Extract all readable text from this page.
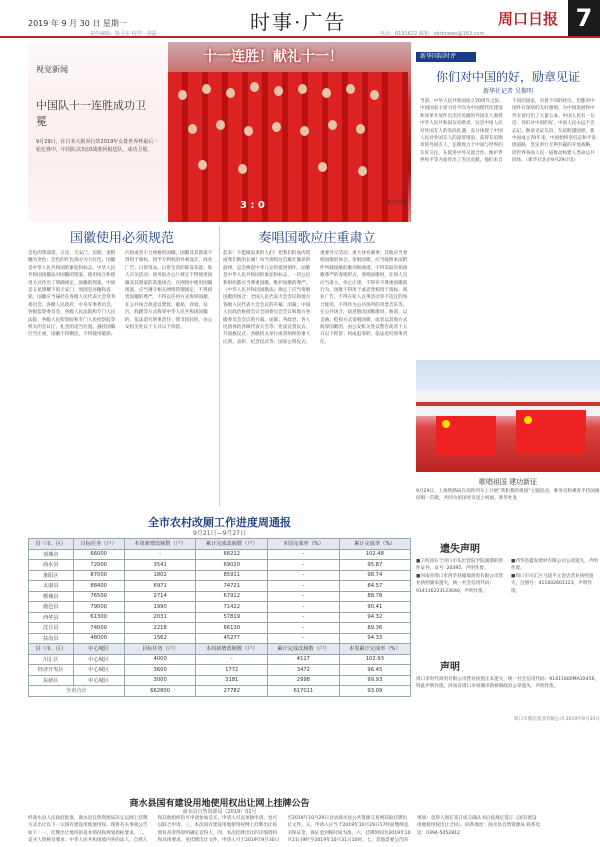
2019 年 9 月 30 日 星期一
责任编辑：陈卫东 校对：刘磊	时事·广告	电话：6191622 邮箱：zkrbnews@163.com
周口日报 7
十一连胜！献礼十一！
视觉新闻
中国队十一连胜成功卫冕
9月29日，在日本大阪举行的2019年女排世界杯最后一轮比赛中，中国队以3比0战胜阿根廷队，成功卫冕。
3 : 0	新华社发
国徽使用必须规范
会色的黄部需，五星、天安门、齿轮、麦稻穗为金色；会色的红色部分为大红色。国徽是中华人民共和国的象征和标志。中华人民共和国国徽法对国徽的图案、使用场合和使用方式作出了明确规定。国徽的图案，中间是五星照耀下的天安门，周围是谷穗和齿轮。国徽应当悬挂在各级人民代表大会常务委员会、各级人民政府、中央军事委员会、各级监察委员会、各级人民法院和专门人民法院、各级人民检察院和专门人民检察院等机关的会议厅、礼堂的适当位置。悬挂国徽应当庄重，国徽不得倒挂，不得使用破损、污损或者不合规格的国徽。国徽及其图案不得用于商标、授予专利权的外观设计、商业广告；日常用品、日常生活的陈设布置；私人庆吊活动；国务院办公厅规定不得使用国徽及其图案的其他场合。在网络中使用国徽图案，应当遵守相关网络管理规定，不得损害国徽的尊严。不得以任何方式侮辱国徽，在公共场合故意以焚烧、破损、涂划、玷污、践踏等方式侮辱中华人民共和国国徽的，依法追究刑事责任；情节较轻的，由公安机关处以十五日以下拘留。
奏唱国歌应庄重肃立
起来！不愿做奴隶的人们！把我们的血肉筑成我们新的长城！每当奏唱这首雄壮激昂的旋律，总会唤起中华儿女的爱国情怀。国歌是中华人民共和国的象征和标志，一切公民和组织都应当尊重国歌，维护国歌的尊严。《中华人民共和国国歌法》规定了应当奏唱国歌的场合：全国人民代表大会会议和地方各级人民代表大会会议的开幕、闭幕；中国人民政治协商会议全国委员会会议和地方各级委员会会议的开幕、闭幕；各政党、各人民团体的各级代表大会等；宪法宣誓仪式；升国旗仪式；各级机关举行或者组织的重大庆典、表彰、纪念仪式等；国家公祭仪式；重要外交活动；重大体育赛事；其他应当奏唱国歌的场合。奏唱国歌，应当按照本法附件所载国歌的歌词和曲谱，不得采取有损国歌尊严的奏唱形式。奏唱国歌时，在场人员应当肃立，举止庄重，不得有不尊重国歌的行为。国歌不得用于或者变相用于商标、商业广告，不得在私人丧事活动等不适宜的场合使用，不得作为公共场所的背景音乐等。在公共场合，故意篡改国歌歌词、曲谱，以歪曲、贬损方式奏唱国歌，或者以其他方式侮辱国歌的，由公安机关处以警告或者十五日以下拘留；构成犯罪的，依法追究刑事责任。
新华国际时评
你们对中国的好，励章见证
新华社记者 吴黎明
当前，中华人民共和国成立70周年之际，中国国家主席习近平向为中国现代化建设和改革开放作出杰出贡献的外国友人颁授中华人民共和国友谊勋章。这是中国人民对外国友人的崇高礼遇，充分体现了中国人民对外国友人的深厚情谊。获得友谊勋章的外国友人，长期致力于中国与世界的友好交往，在促进中外交流合作、维护世界和平等方面作出了杰出贡献。他们来自不同的国家，有着不同的经历，但都对中国怀有深厚的友好感情，为中国发展和中外友谊付出了大量心血。中国人民有一句话：你们对中国的好，中国人民永远不会忘记。勋章见证友谊，友谊跨越国界。新中国成立70年来，中国始终坚持走和平发展道路，坚定奉行互利共赢的开放战略，同世界各国人民一道推动构建人类命运共同体。（新华社北京9月29日电）
歌唱祖国 建功新征
9月29日，上海铁路局在高铁列车上开展“我和我的祖国”主题活动，乘务员和乘客手持国旗同唱一首歌，共同为祖国母亲送上祝福。新华社发
全市农村改厕工作进度周通报
9月21日—9月27日
县（市、区）	目标任务（户）	本周新增改厕数（户）	累计完成改厕数（户）	本周完成率（%）	累计完成率（%）
项城市	66000	-	68212	-	102.48
商水县	72000	3541	69020	-	95.87
淮阳区	87000	1802	85911	-	98.74
太康县	88400	6971	74721	-	84.57
郸城县	76500	2714	67912	-	88.78
鹿邑县	79000	1990	71422	-	90.41
西华县	61300	2031	57819	-	94.32
沈丘县	74000	2218	66130	-	89.36
扶沟县	48000	1562	45277	-	94.33
县（市、区）	中心城区	目标任务（户）	本周新增改厕数（户）	累计完成改厕数（户）	本周累计完成率（%）
川汇区	中心城区	4000	-	4117	102.93
经济开发区	中心城区	3600	1772	3472	96.45
东新区	中心城区	3000	3181	2998	99.93
全市合计		662800	27782	617011	93.09
商水县国有建设用地使用权出让网上挂牌公告
商水县自然资源局（2019）01号
经商水县人民政府批准，商水县自然资源局决定以网上挂牌方式出让以下一宗国有建设用地使用权。现将有关事项公告如下：一、挂牌出让地块的基本情况和规划指标要求。二、竞买人资格及要求：中华人民共和国境内外的法人、自然人和其他组织均可申请参加竞买，申请人可以单独申请，也可以联合申请。三、本次国有建设用地使用权网上挂牌出让按照价高者得原则确定竞得人。四、本次挂牌出让的详细资料和具体要求，见挂牌出让文件。申请人可于2019年9月30日至2019年10月29日登录商水县公共资源交易网获取挂牌出让文件。五、申请人应当于2019年10月29日17时前缴纳竞买保证金，保证金到账时间为准。六、挂牌时间为2019年10月21日9时至2019年10月31日10时。七、其他需要公告的事项：竞得人须在签订成交确认书后按规定签订《国有建设用地使用权出让合同》。联系地址：商水县自然资源局 联系电话：0394-5452812
遗失声明

■王校园在于河口市头出营院学院旗期的原件证件，证号: 20395，声明作废。

■河南省周口市西华县翰瑞商贸有限公司营业执照副本遗失，统一社会信用代码：914116223123040，声明作废。

■西华县鑫发建材有限公司公章遗失，声明作废。

■周口市川汇区马超平五金店营业执照遗失，注册号：411602601123，声明作废。

声明
周口市时代商贸有限公司营业执照正本遗失，统一社会信用代码：91411600MA3X456，特此声明作废。河南省周口市项城市新桥镇政府公章遗失，声明作废。
周口市鼎信置业有限公司 2019年9月30日
